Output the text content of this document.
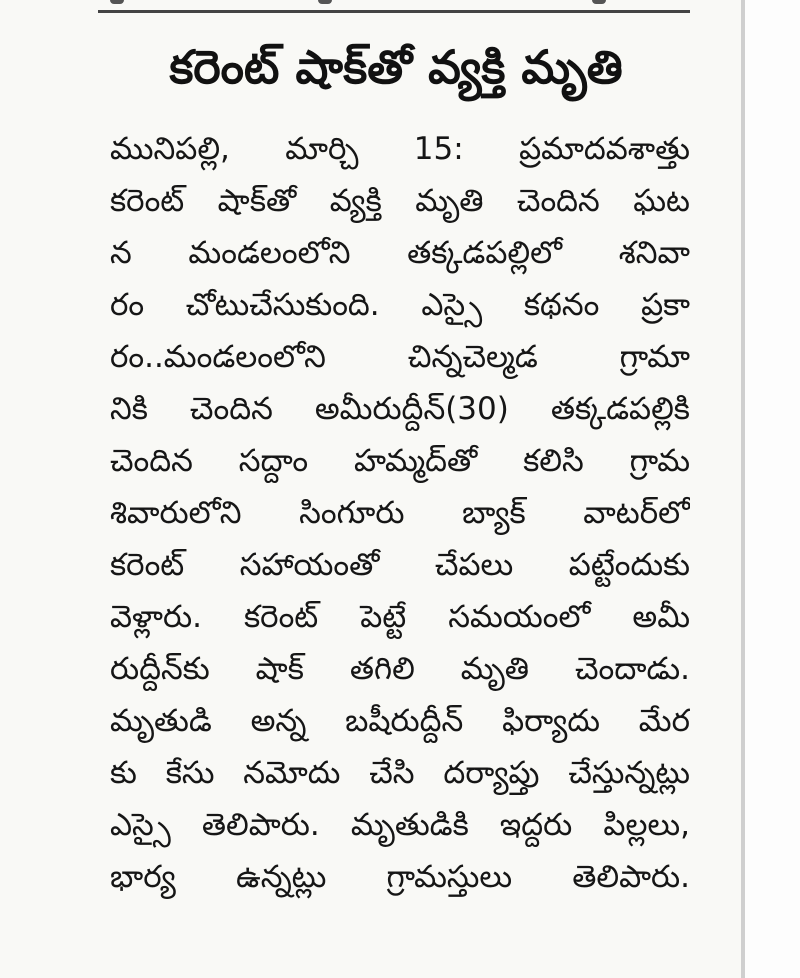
కరెంట్ షాక్‌తో వ్యక్తి మృతి
మునిపల్లి, మార్చి 15: ప్రమాదవశాత్తు
కరెంట్ షాక్‌తో వ్యక్తి మృతి చెందిన ఘట
న మండలంలోని తక్కడపల్లిలో శనివా
రం చోటుచేసుకుంది. ఎస్సై కథనం ప్రకా
రం..మండలంలోని చిన్నచెల్మడ గ్రామా
నికి చెందిన అమీరుద్దీన్(30) తక్కడపల్లికి
చెందిన సద్దాం హమ్మద్‌తో కలిసి గ్రామ
శివారులోని సింగూరు బ్యాక్ వాటర్‌లో
కరెంట్ సహాయంతో చేపలు పట్టేందుకు
వెళ్లారు. కరెంట్ పెట్టే సమయంలో అమీ
రుద్దీన్‌కు షాక్ తగిలి మృతి చెందాడు.
మృతుడి అన్న బషీరుద్దీన్ ఫిర్యాదు మేర
కు కేసు నమోదు చేసి దర్యాప్తు చేస్తున్నట్లు
ఎస్సై తెలిపారు. మృతుడికి ఇద్దరు పిల్లలు,
భార్య ఉన్నట్లు గ్రామస్తులు తెలిపారు.
